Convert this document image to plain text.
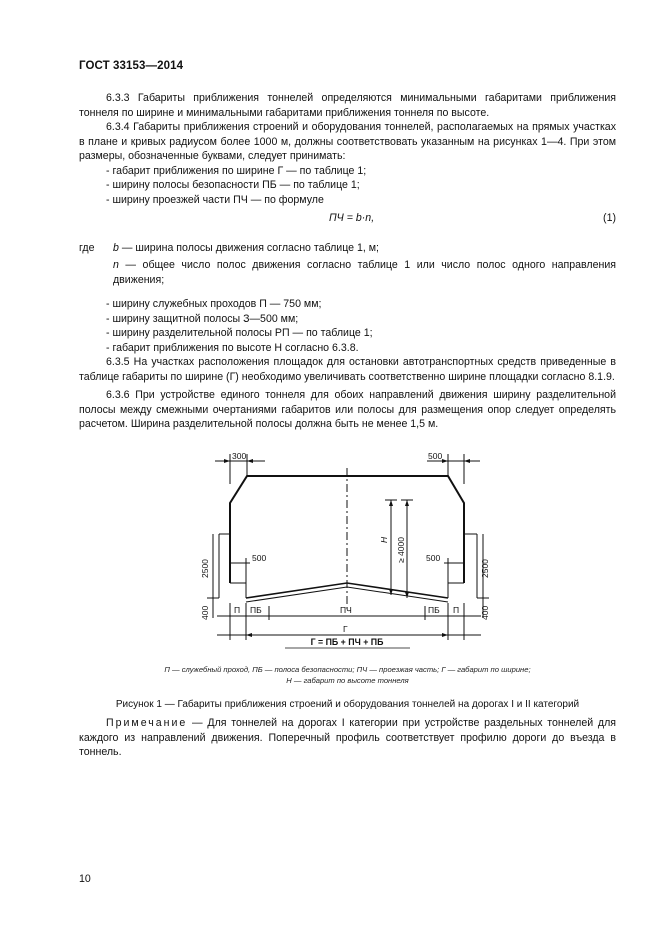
ГОСТ 33153—2014

6.3.3 Габариты приближения тоннелей определяются минимальными габаритами приближения тоннеля по ширине и минимальными габаритами приближения тоннеля по высоте.

6.3.4 Габариты приближения строений и оборудования тоннелей, располагаемых на прямых участках в плане и кривых радиусом более 1000 м, должны соответствовать указанным на рисунках 1—4. При этом размеры, обозначенные буквами, следует принимать:

- габарит приближения по ширине Г — по таблице 1;

- ширину полосы безопасности ПБ — по таблице 1;

- ширину проезжей части ПЧ — по формуле

ПЧ = b·n,	(1)
где b — ширина полосы движения согласно таблице 1, м;
n — общее число полос движения согласно таблице 1 или число полос одного направления движения;

- ширину служебных проходов П — 750 мм;

- ширину защитной полосы З—500 мм;

- ширину разделительной полосы РП — по таблице 1;

- габарит приближения по высоте Н согласно 6.3.8.

6.3.5 На участках расположения площадок для остановки автотранспортных средств приведенные в таблице габариты по ширине (Г) необходимо увеличивать соответственно ширине площадки согласно 8.1.9.

6.3.6 При устройстве единого тоннеля для обоих направлений движения ширину разделительной полосы между смежными очертаниями габаритов или полосы для размещения опор следует определять расчетом. Ширина разделительной полосы должна быть не менее 1,5 м.

300	500
500	500
2500	2500
400	400
Н ≥ 4000
П ПБ	ПЧ	ПБ П
Г
Г = ПБ + ПЧ + ПБ
П — служебный проход, ПБ — полоса безопасности; ПЧ — проезжая часть; Г — габарит по ширине;
Н — габарит по высоте тоннеля
Рисунок 1 — Габариты приближения строений и оборудования тоннелей на дорогах I и II категорий

Примечание — Для тоннелей на дорогах I категории при устройстве раздельных тоннелей для каждого из направлений движения. Поперечный профиль соответствует профилю дороги до въезда в тоннель.

10
